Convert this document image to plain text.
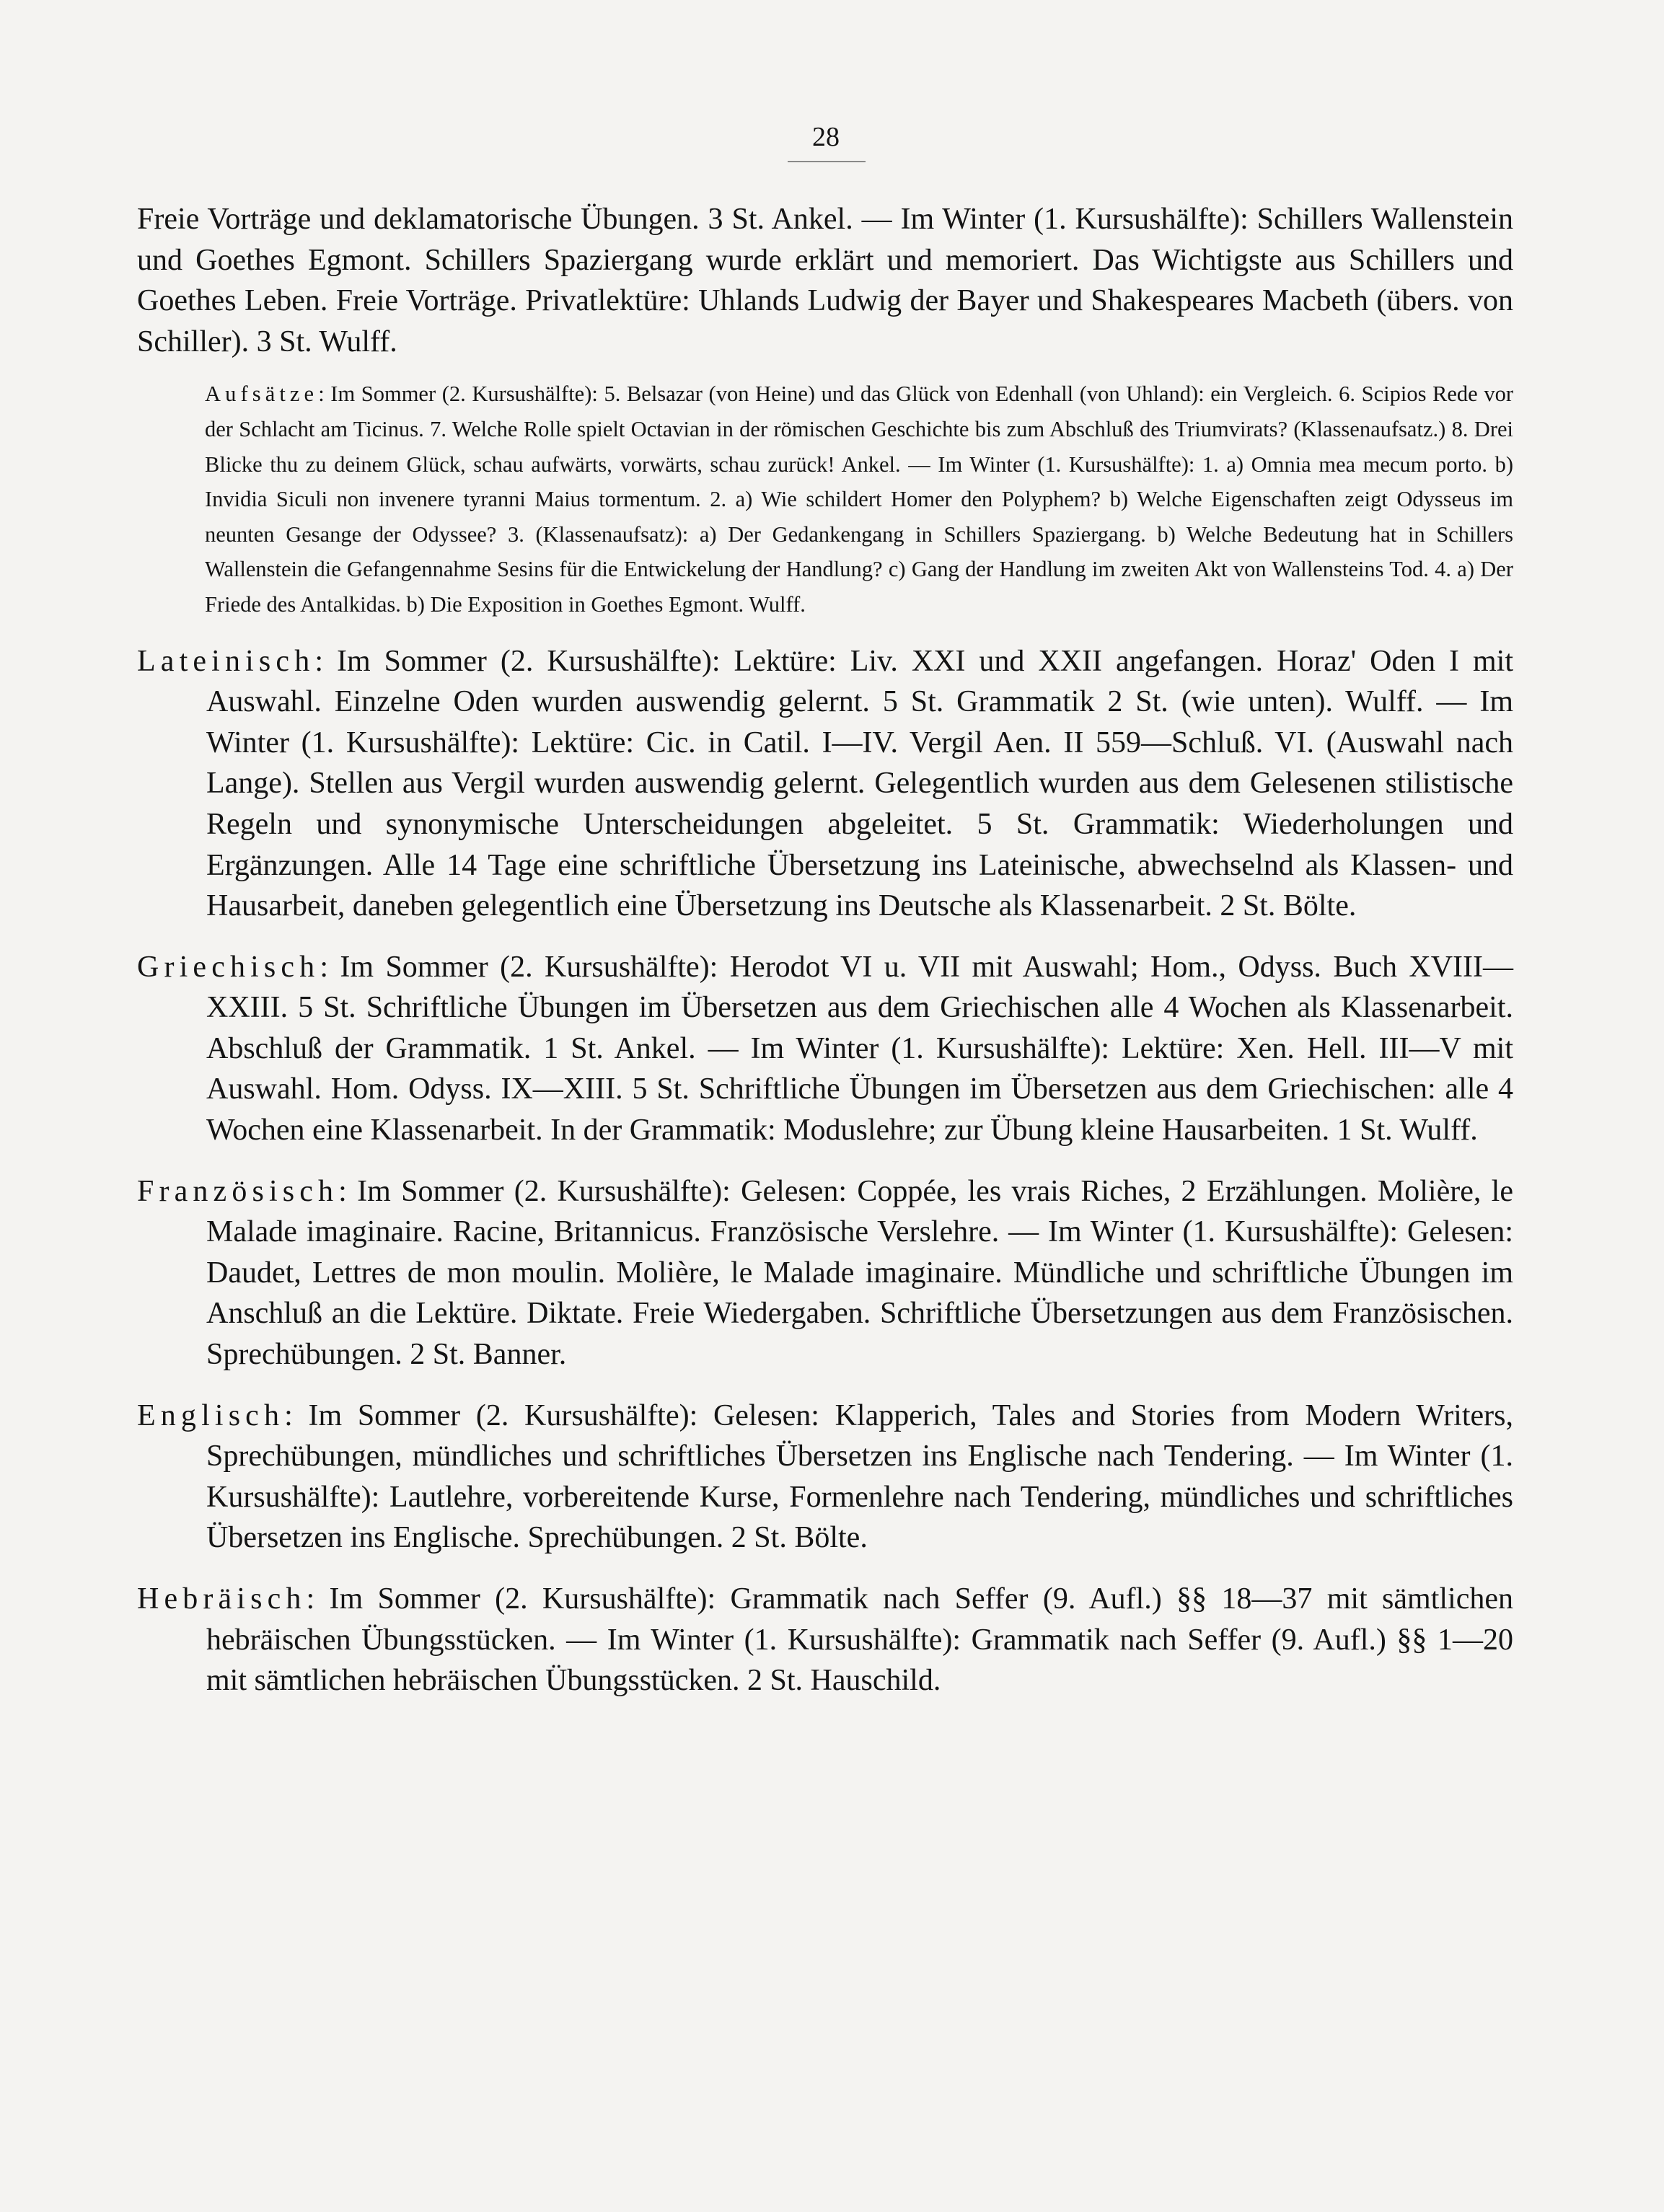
28

Freie Vorträge und deklamatorische Übungen. 3 St. Ankel. — Im Winter (1. Kursushälfte): Schillers Wallenstein und Goethes Egmont. Schillers Spaziergang wurde erklärt und memoriert. Das Wichtigste aus Schillers und Goethes Leben. Freie Vorträge. Privatlektüre: Uhlands Ludwig der Bayer und Shakespeares Macbeth (übers. von Schiller). 3 St. Wulff.

Aufsätze: Im Sommer (2. Kursushälfte): 5. Belsazar (von Heine) und das Glück von Edenhall (von Uhland): ein Vergleich. 6. Scipios Rede vor der Schlacht am Ticinus. 7. Welche Rolle spielt Octavian in der römischen Geschichte bis zum Abschluß des Triumvirats? (Klassenaufsatz.) 8. Drei Blicke thu zu deinem Glück, schau aufwärts, vorwärts, schau zurück! Ankel. — Im Winter (1. Kursushälfte): 1. a) Omnia mea mecum porto. b) Invidia Siculi non invenere tyranni Maius tormentum. 2. a) Wie schildert Homer den Polyphem? b) Welche Eigenschaften zeigt Odysseus im neunten Gesange der Odyssee? 3. (Klassenaufsatz): a) Der Gedankengang in Schillers Spaziergang. b) Welche Bedeutung hat in Schillers Wallenstein die Gefangennahme Sesins für die Entwickelung der Handlung? c) Gang der Handlung im zweiten Akt von Wallensteins Tod. 4. a) Der Friede des Antalkidas. b) Die Exposition in Goethes Egmont. Wulff.

Lateinisch: Im Sommer (2. Kursushälfte): Lektüre: Liv. XXI und XXII angefangen. Horaz' Oden I mit Auswahl. Einzelne Oden wurden auswendig gelernt. 5 St. Grammatik 2 St. (wie unten). Wulff. — Im Winter (1. Kursushälfte): Lektüre: Cic. in Catil. I—IV. Vergil Aen. II 559—Schluß. VI. (Auswahl nach Lange). Stellen aus Vergil wurden auswendig gelernt. Gelegentlich wurden aus dem Gelesenen stilistische Regeln und synonymische Unterscheidungen abgeleitet. 5 St. Grammatik: Wiederholungen und Ergänzungen. Alle 14 Tage eine schriftliche Übersetzung ins Lateinische, abwechselnd als Klassen- und Hausarbeit, daneben gelegentlich eine Übersetzung ins Deutsche als Klassenarbeit. 2 St. Bölte.

Griechisch: Im Sommer (2. Kursushälfte): Herodot VI u. VII mit Auswahl; Hom., Odyss. Buch XVIII—XXIII. 5 St. Schriftliche Übungen im Übersetzen aus dem Griechischen alle 4 Wochen als Klassenarbeit. Abschluß der Grammatik. 1 St. Ankel. — Im Winter (1. Kursushälfte): Lektüre: Xen. Hell. III—V mit Auswahl. Hom. Odyss. IX—XIII. 5 St. Schriftliche Übungen im Übersetzen aus dem Griechischen: alle 4 Wochen eine Klassenarbeit. In der Grammatik: Moduslehre; zur Übung kleine Hausarbeiten. 1 St. Wulff.

Französisch: Im Sommer (2. Kursushälfte): Gelesen: Coppée, les vrais Riches, 2 Erzählungen. Molière, le Malade imaginaire. Racine, Britannicus. Französische Verslehre. — Im Winter (1. Kursushälfte): Gelesen: Daudet, Lettres de mon moulin. Molière, le Malade imaginaire. Mündliche und schriftliche Übungen im Anschluß an die Lektüre. Diktate. Freie Wiedergaben. Schriftliche Übersetzungen aus dem Französischen. Sprechübungen. 2 St. Banner.

Englisch: Im Sommer (2. Kursushälfte): Gelesen: Klapperich, Tales and Stories from Modern Writers, Sprechübungen, mündliches und schriftliches Übersetzen ins Englische nach Tendering. — Im Winter (1. Kursushälfte): Lautlehre, vorbereitende Kurse, Formenlehre nach Tendering, mündliches und schriftliches Übersetzen ins Englische. Sprechübungen. 2 St. Bölte.

Hebräisch: Im Sommer (2. Kursushälfte): Grammatik nach Seffer (9. Aufl.) §§ 18—37 mit sämtlichen hebräischen Übungsstücken. — Im Winter (1. Kursushälfte): Grammatik nach Seffer (9. Aufl.) §§ 1—20 mit sämtlichen hebräischen Übungsstücken. 2 St. Hauschild.
